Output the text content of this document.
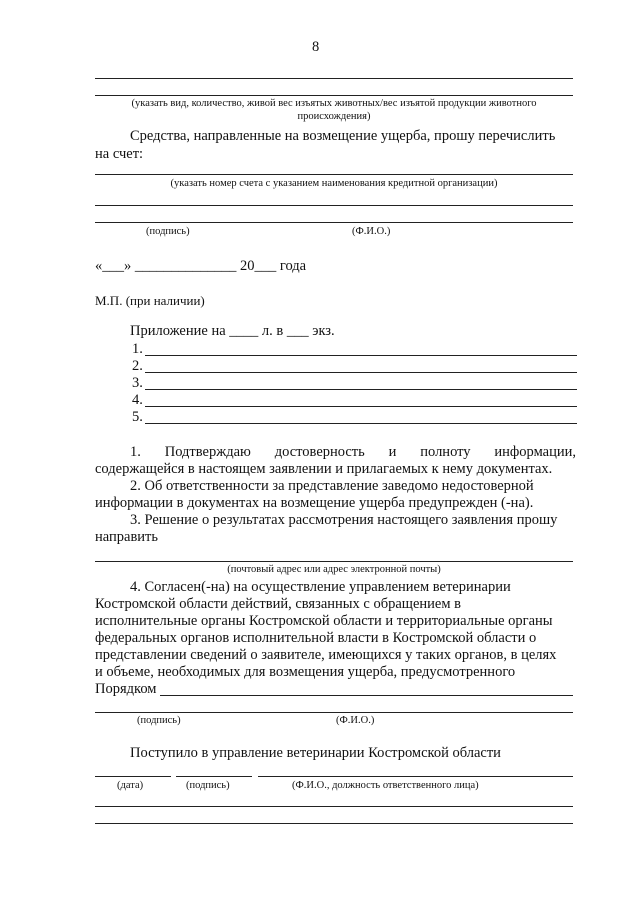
8
(указать вид, количество, живой вес изъятых животных/вес изъятой продукции животного
происхождения)
Средства, направленные на возмещение ущерба, прошу перечислить
на счет:
(указать номер счета с указанием наименования кредитной организации)
(подпись)	(Ф.И.О.)
«___» ______________ 20___ года
М.П. (при наличии)
Приложение на ____ л. в ___ экз.
1.
2.
3.
4.
5.
1. Подтверждаю достоверность и полноту информации,
содержащейся в настоящем заявлении и прилагаемых к нему документах.
2. Об ответственности за представление заведомо недостоверной
информации в документах на возмещение ущерба предупрежден (-на).
3. Решение о результатах рассмотрения настоящего заявления прошу
направить
(почтовый адрес или адрес электронной почты)
4. Согласен(-на) на осуществление управлением ветеринарии
Костромской области действий, связанных с обращением в
исполнительные органы Костромской области и территориальные органы
федеральных органов исполнительной власти в Костромской области о
представлении сведений о заявителе, имеющихся у таких органов, в целях
и объеме, необходимых для возмещения ущерба, предусмотренного
Порядком
(подпись)	(Ф.И.О.)
Поступило в управление ветеринарии Костромской области
(дата)	(подпись)	(Ф.И.О., должность ответственного лица)
